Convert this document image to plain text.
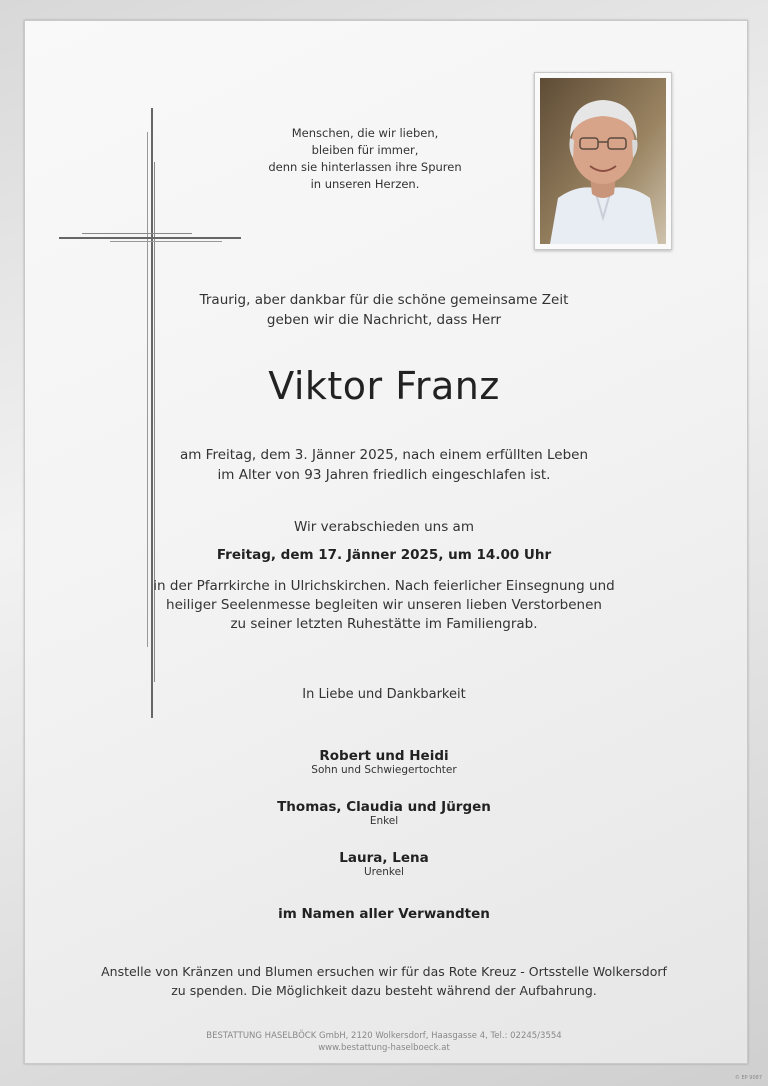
Menschen, die wir lieben,
bleiben für immer,
denn sie hinterlassen ihre Spuren
in unseren Herzen.
Traurig, aber dankbar für die schöne gemeinsame Zeit
geben wir die Nachricht, dass Herr
Viktor Franz
am Freitag, dem 3. Jänner 2025, nach einem erfüllten Leben
im Alter von 93 Jahren friedlich eingeschlafen ist.
Wir verabschieden uns am
Freitag, dem 17. Jänner 2025, um 14.00 Uhr
in der Pfarrkirche in Ulrichskirchen. Nach feierlicher Einsegnung und
heiliger Seelenmesse begleiten wir unseren lieben Verstorbenen
zu seiner letzten Ruhestätte im Familiengrab.
In Liebe und Dankbarkeit
Robert und Heidi
Sohn und Schwiegertochter
Thomas, Claudia und Jürgen
Enkel
Laura, Lena
Urenkel
im Namen aller Verwandten
Anstelle von Kränzen und Blumen ersuchen wir für das Rote Kreuz - Ortsstelle Wolkersdorf
zu spenden. Die Möglichkeit dazu besteht während der Aufbahrung.
BESTATTUNG HASELBÖCK GmbH, 2120 Wolkersdorf, Haasgasse 4, Tel.: 02245/3554
www.bestattung-haselboeck.at
© EP 9087
